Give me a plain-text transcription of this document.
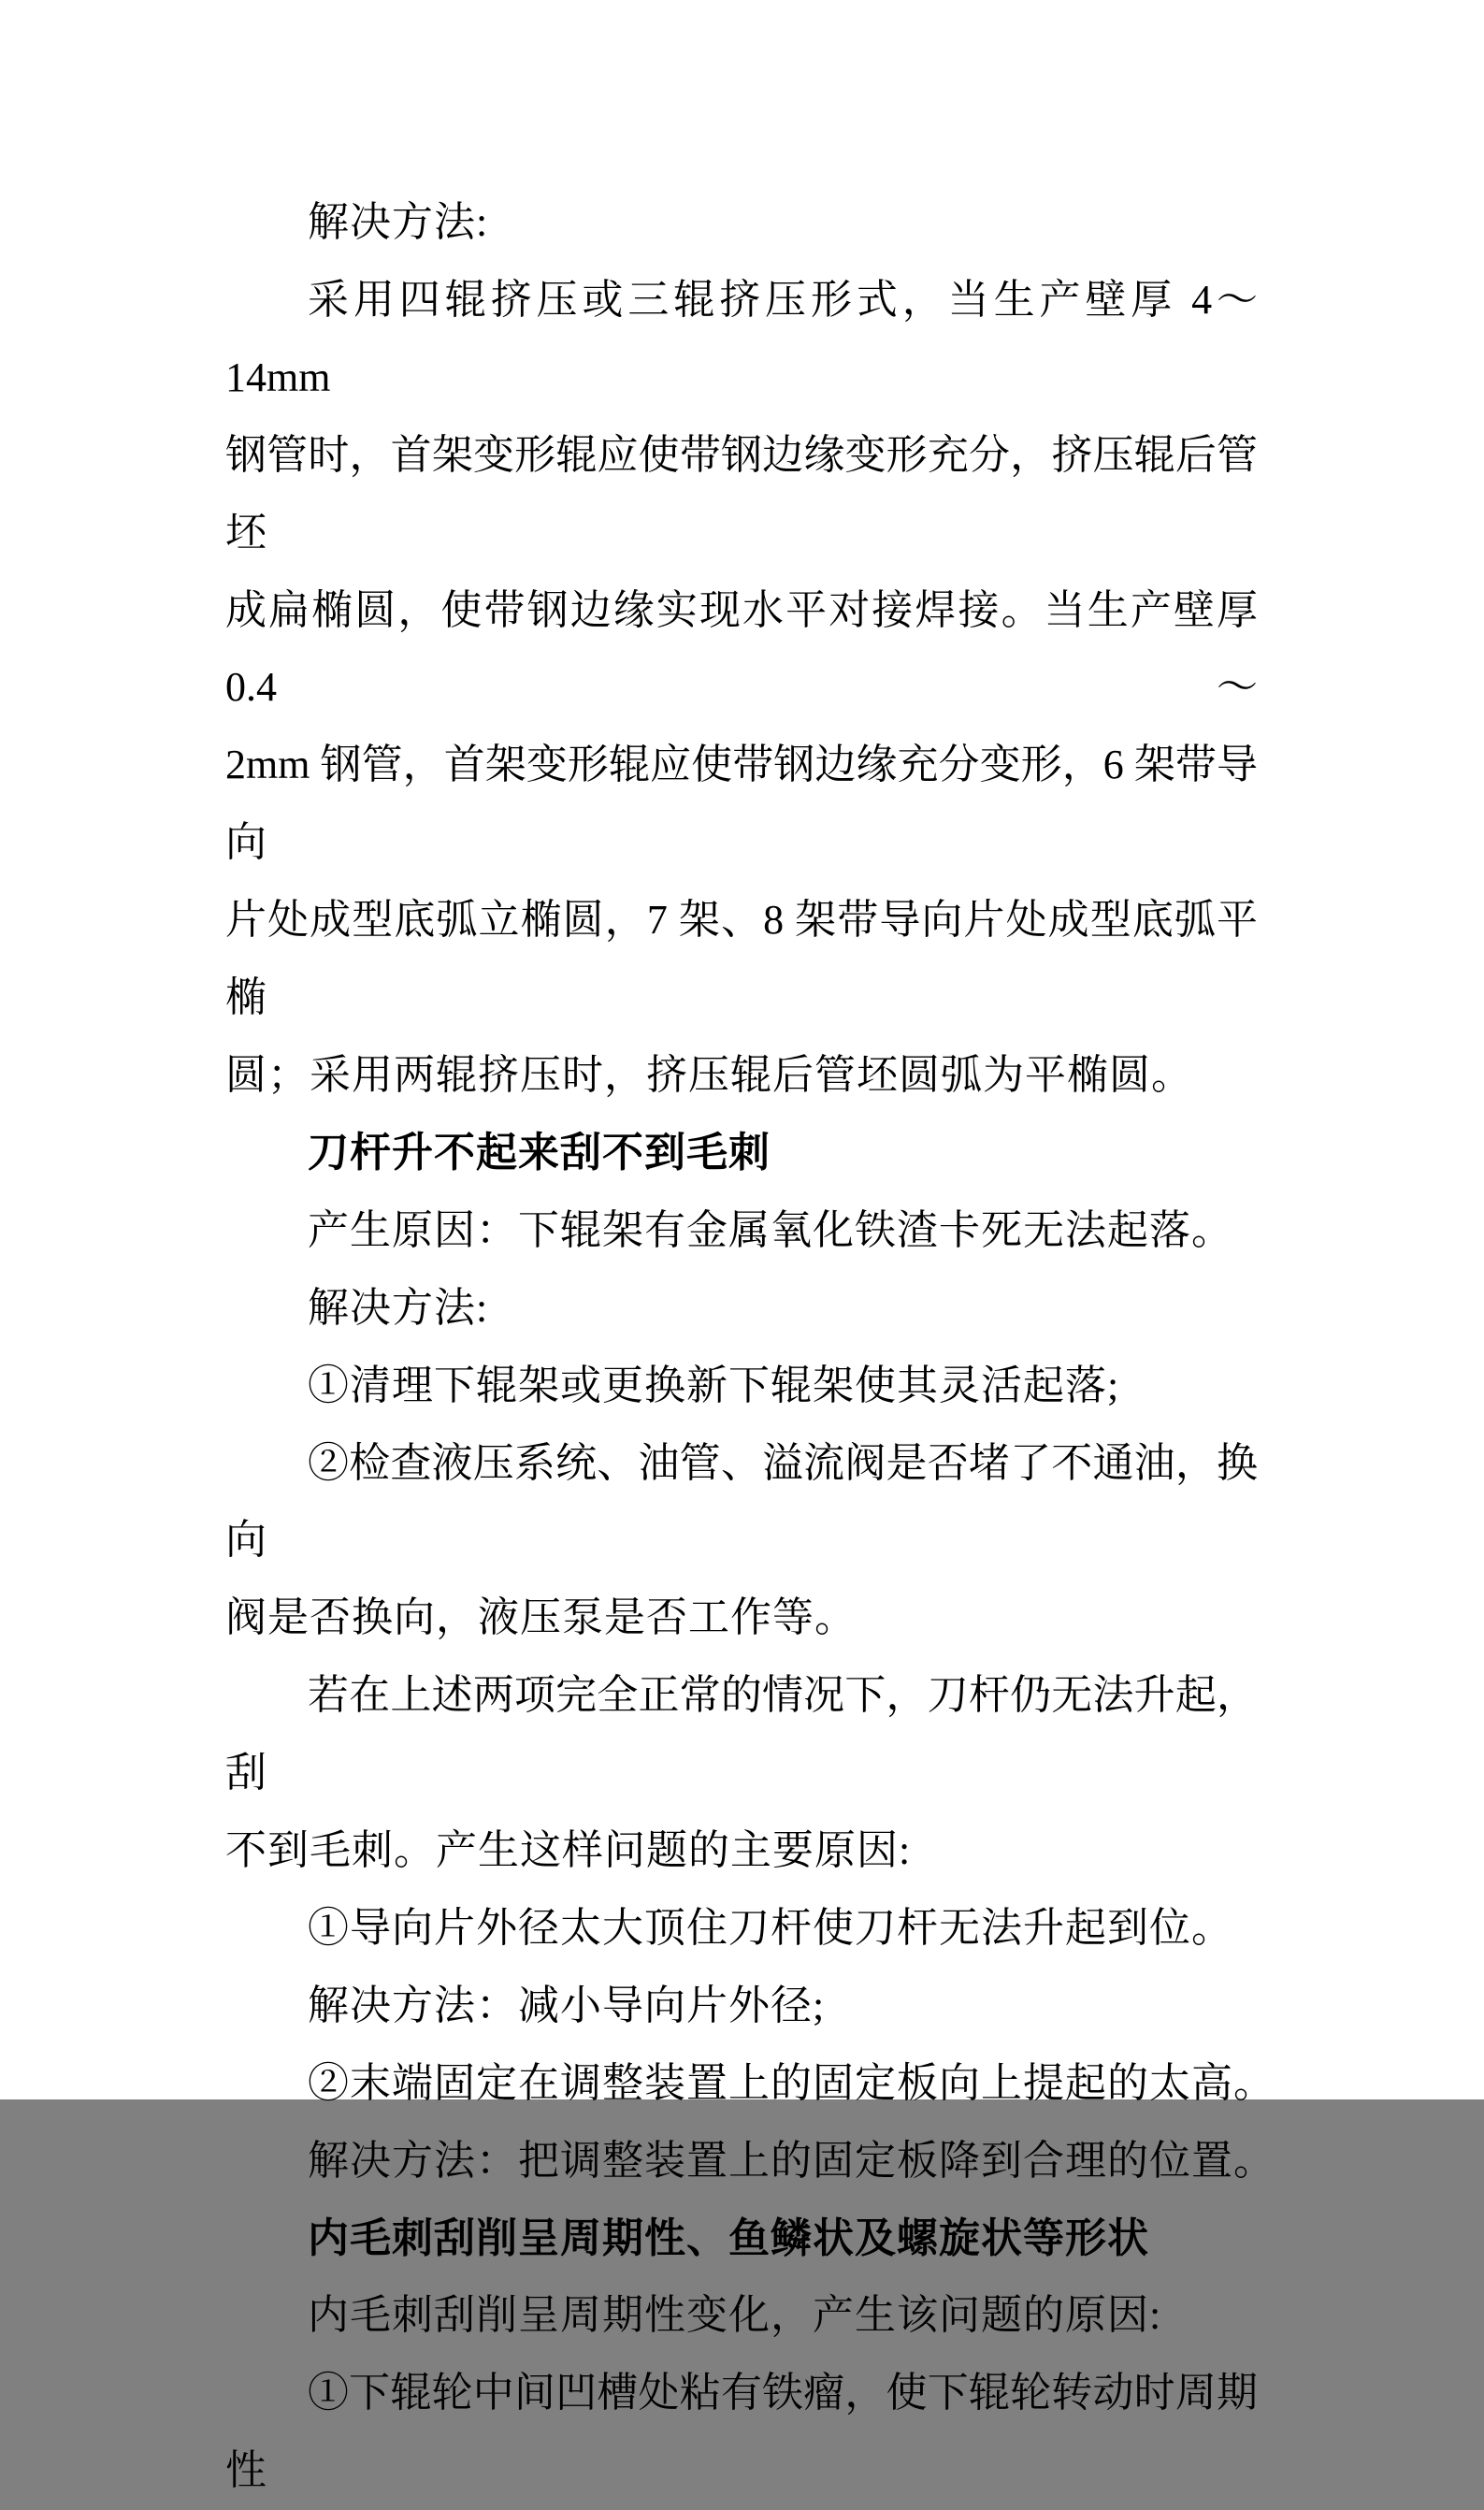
解决方法:
采用四辊挤压或三辊挤压形式，当生产壁厚 4～14mm
钢管时，首架变形辊应使带钢边缘变形充分，挤压辊后管坯
成扁椭圆，使带钢边缘实现水平对接焊接。当生产壁厚 0.4～
2mm 钢管，首架变形辊应使带钢边缘充分变形，6 架带导向
片处成型底弧立椭圆，7 架、8 架带导向片处成型底弧平椭
圆；采用两辊挤压时，挤压辊后管坯圆弧为平椭圆。
刀杆升不起来刮不到毛刺
产生原因：下辊架有金属氧化铁渣卡死无法起落。
解决方法:
①清理下辊架或更换新下辊架使其灵活起落;
②检查液压系统、油管、溢流阀是否堵了不通油，换向
阀是否换向，液压泵是否工作等。
若在上述两项完全正常的情况下，刀杆仍无法升起，刮
不到毛刺。产生这样问题的主要原因:
①导向片外径太大顶住刀杆使刀杆无法升起到位。
解决方法：减小导向片外径;
②末端固定在调整装置上的固定板向上提起的太高。
解决方法：把调整装置上的固定板降到合理的位置。
内毛刺刮削呈周期性、鱼鳞状及螺旋状等形状
内毛刺刮削呈周期性变化，产生该问题的原因:
①下辊轮中间凹槽处粘有铁瘤，使下辊轮转动时周期性
